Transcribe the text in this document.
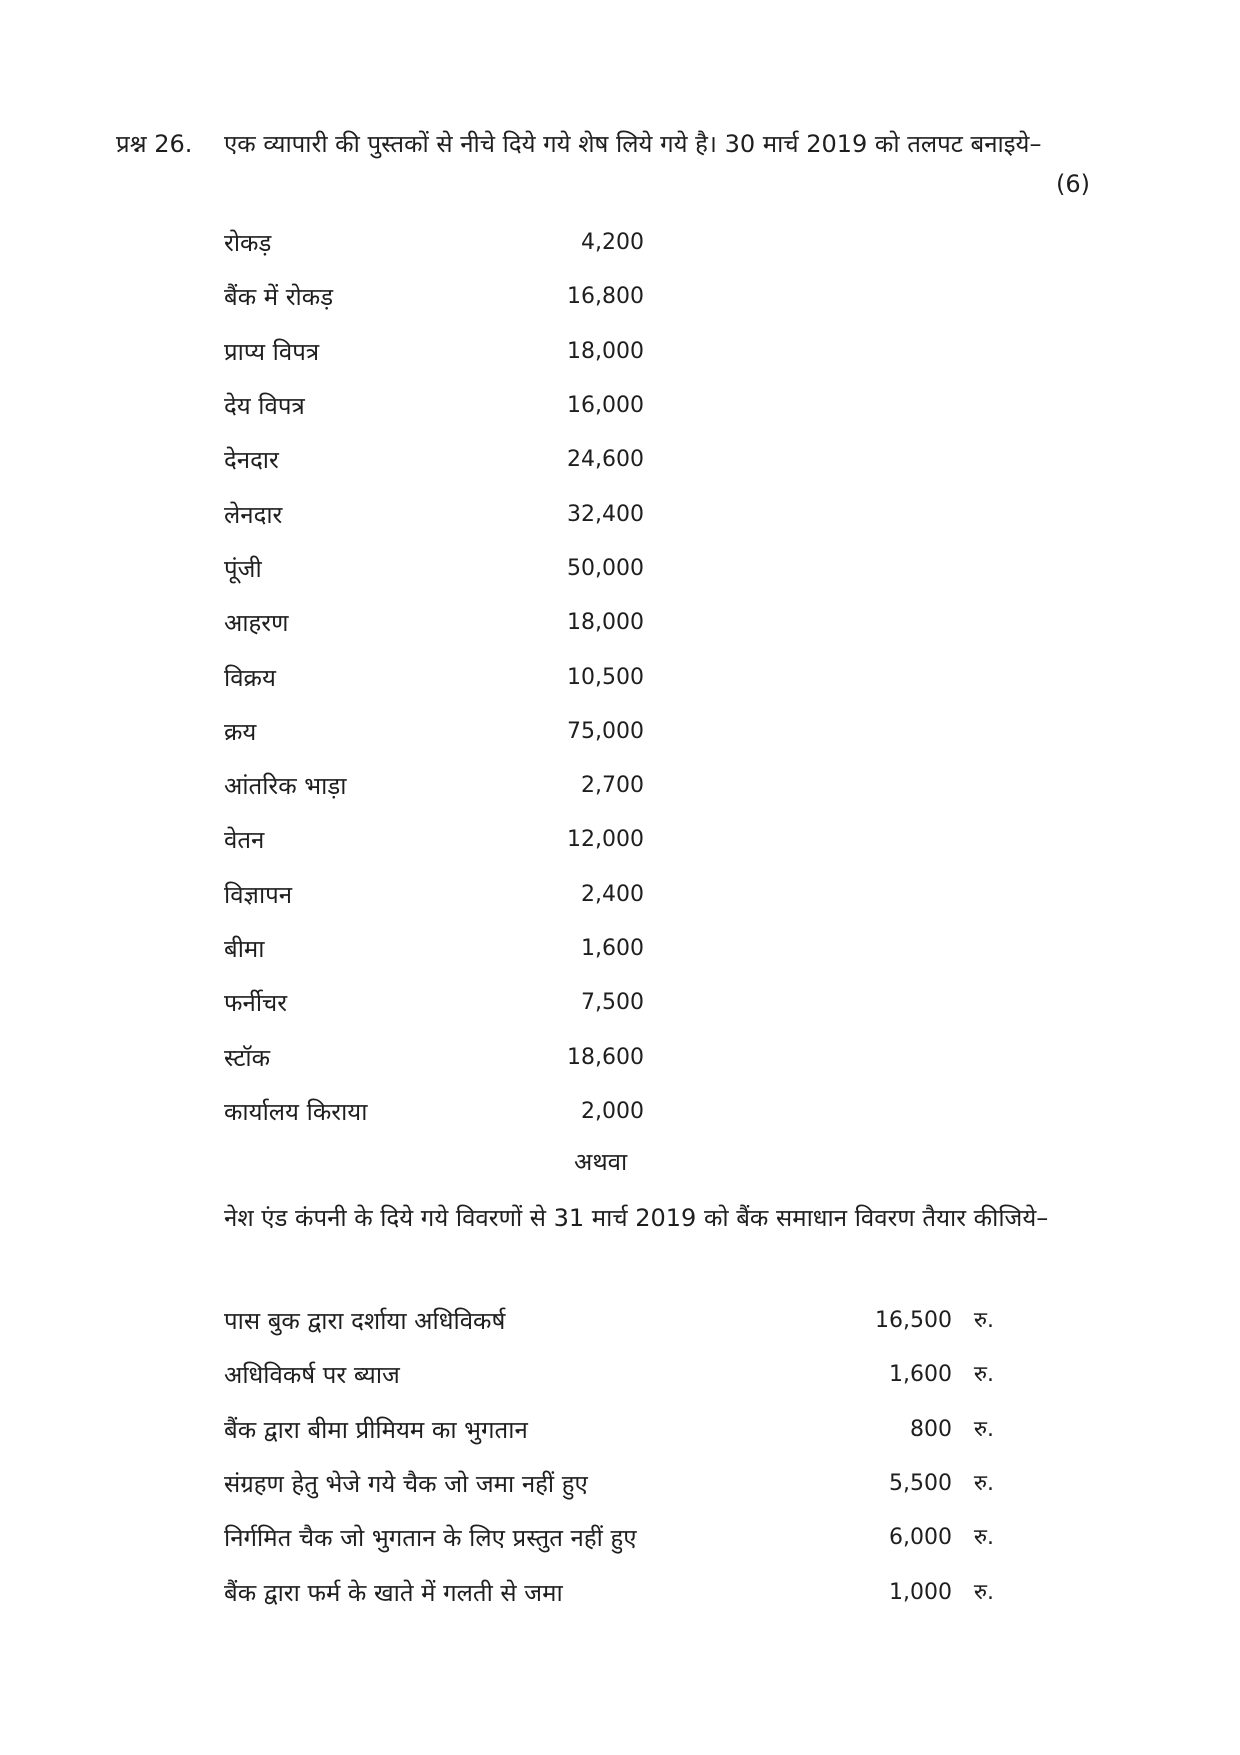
प्रश्न 26. एक व्यापारी की पुस्तकों से नीचे दिये गये शेष लिये गये है। 30 मार्च 2019 को तलपट बनाइये–
(6)
रोकड़	4,200
बैंक में रोकड़	16,800
प्राप्य विपत्र	18,000
देय विपत्र	16,000
देनदार	24,600
लेनदार	32,400
पूंजी	50,000
आहरण	18,000
विक्रय	10,500
क्रय	75,000
आंतरिक भाड़ा	2,700
वेतन	12,000
विज्ञापन	2,400
बीमा	1,600
फर्नीचर	7,500
स्टॉक	18,600
कार्यालय किराया	2,000
अथवा
नेश एंड कंपनी के दिये गये विवरणों से 31 मार्च 2019 को बैंक समाधान विवरण तैयार कीजिये–
पास बुक द्वारा दर्शाया अधिविकर्ष	16,500 रु.
अधिविकर्ष पर ब्याज	1,600 रु.
बैंक द्वारा बीमा प्रीमियम का भुगतान	800 रु.
संग्रहण हेतु भेजे गये चैक जो जमा नहीं हुए	5,500 रु.
निर्गमित चैक जो भुगतान के लिए प्रस्तुत नहीं हुए	6,000 रु.
बैंक द्वारा फर्म के खाते में गलती से जमा	1,000 रु.
